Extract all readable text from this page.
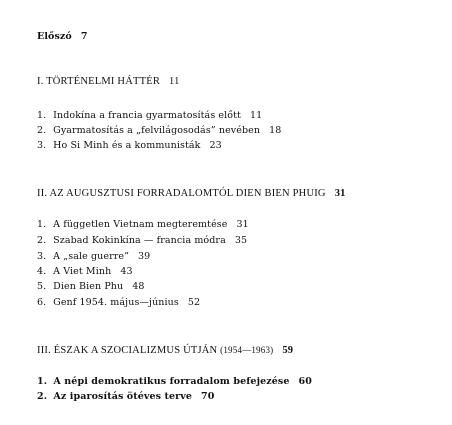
Előszó 7
I. TÖRTÉNELMI HÁTTÉR 11
1. Indokína a francia gyarmatosítás előtt 11
2. Gyarmatosítás a „felvilágosodás” nevében 18
3. Ho Si Minh és a kommunisták 23
II. AZ AUGUSZTUSI FORRADALOMTÓL DIEN BIEN PHUIG 31
1. A független Vietnam megteremtése 31
2. Szabad Kokinkína — francia módra 35
3. A „sale guerre” 39
4. A Viet Minh 43
5. Dien Bien Phu 48
6. Genf 1954. május—június 52
III. ÉSZAK A SZOCIALIZMUS ÚTJÁN (1954—1963) 59
1. A népi demokratikus forradalom befejezése 60
2. Az iparosítás ötéves terve 70
